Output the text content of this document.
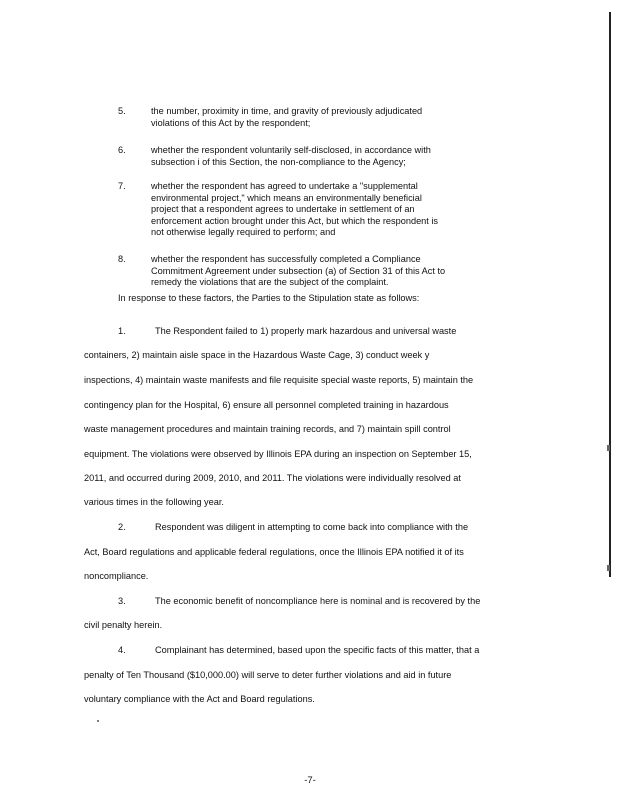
5.	the number, proximity in time, and gravity of previously adjudicated
violations of this Act by the respondent;
6.	whether the respondent voluntarily self-disclosed, in accordance with
subsection i of this Section, the non-compliance to the Agency;
7.	whether the respondent has agreed to undertake a "supplemental
environmental project," which means an environmentally beneficial
project that a respondent agrees to undertake in settlement of an
enforcement action brought under this Act, but which the respondent is
not otherwise legally required to perform; and
8.	whether the respondent has successfully completed a Compliance
Commitment Agreement under subsection (a) of Section 31 of this Act to
remedy the violations that are the subject of the complaint.
In response to these factors, the Parties to the Stipulation state as follows:
1.	The Respondent failed to 1) properly mark hazardous and universal waste
containers, 2) maintain aisle space in the Hazardous Waste Cage, 3) conduct week y
inspections, 4) maintain waste manifests and file requisite special waste reports, 5) maintain the
contingency plan for the Hospital, 6) ensure all personnel completed training in hazardous
waste management procedures and maintain training records, and 7) maintain spill control
equipment. The violations were observed by Illinois EPA during an inspection on September 15,
2011, and occurred during 2009, 2010, and 2011. The violations were individually resolved at
various times in the following year.
2.	Respondent was diligent in attempting to come back into compliance with the
Act, Board regulations and applicable federal regulations, once the Illinois EPA notified it of its
noncompliance.
3.	The economic benefit of noncompliance here is nominal and is recovered by the
civil penalty herein.
4.	Complainant has determined, based upon the specific facts of this matter, that a
penalty of Ten Thousand ($10,000.00) will serve to deter further violations and aid in future
voluntary compliance with the Act and Board regulations.
-7-
